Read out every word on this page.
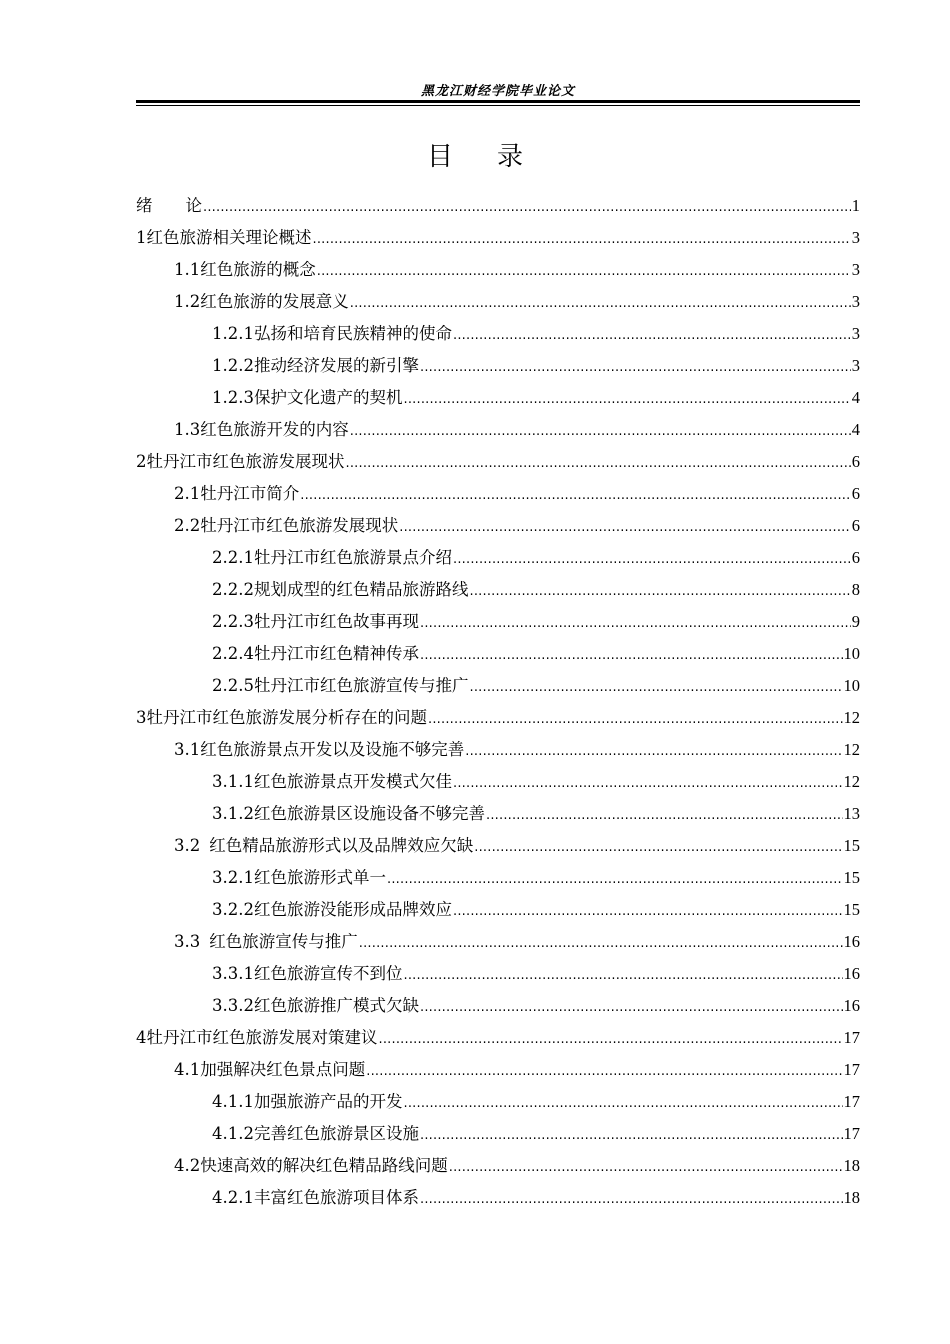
黑龙江财经学院毕业论文
目录
绪　　论 .....	1
1 红色旅游相关理论概述 .....	3
1.1 红色旅游的概念 .....	3
1.2 红色旅游的发展意义 .....	3
1.2.1 弘扬和培育民族精神的使命 .....	3
1.2.2 推动经济发展的新引擎 .....	3
1.2.3 保护文化遗产的契机 .....	4
1.3 红色旅游开发的内容 .....	4
2 牡丹江市红色旅游发展现状 .....	6
2.1 牡丹江市简介 .....	6
2.2 牡丹江市红色旅游发展现状 .....	6
2.2.1 牡丹江市红色旅游景点介绍 .....	6
2.2.2 规划成型的红色精品旅游路线 .....	8
2.2.3 牡丹江市红色故事再现 .....	9
2.2.4 牡丹江市红色精神传承 .....	10
2.2.5 牡丹江市红色旅游宣传与推广 .....	10
3 牡丹江市红色旅游发展分析存在的问题 .....	12
3.1 红色旅游景点开发以及设施不够完善 .....	12
3.1.1 红色旅游景点开发模式欠佳 .....	12
3.1.2 红色旅游景区设施设备不够完善 .....	13
3.2 红色精品旅游形式以及品牌效应欠缺 .....	15
3.2.1 红色旅游形式单一 .....	15
3.2.2 红色旅游没能形成品牌效应 .....	15
3.3 红色旅游宣传与推广 .....	16
3.3.1 红色旅游宣传不到位 .....	16
3.3.2 红色旅游推广模式欠缺 .....	16
4 牡丹江市红色旅游发展对策建议 .....	17
4.1 加强解决红色景点问题 .....	17
4.1.1 加强旅游产品的开发 .....	17
4.1.2 完善红色旅游景区设施 .....	17
4.2 快速高效的解决红色精品路线问题 .....	18
4.2.1 丰富红色旅游项目体系 .....	18
